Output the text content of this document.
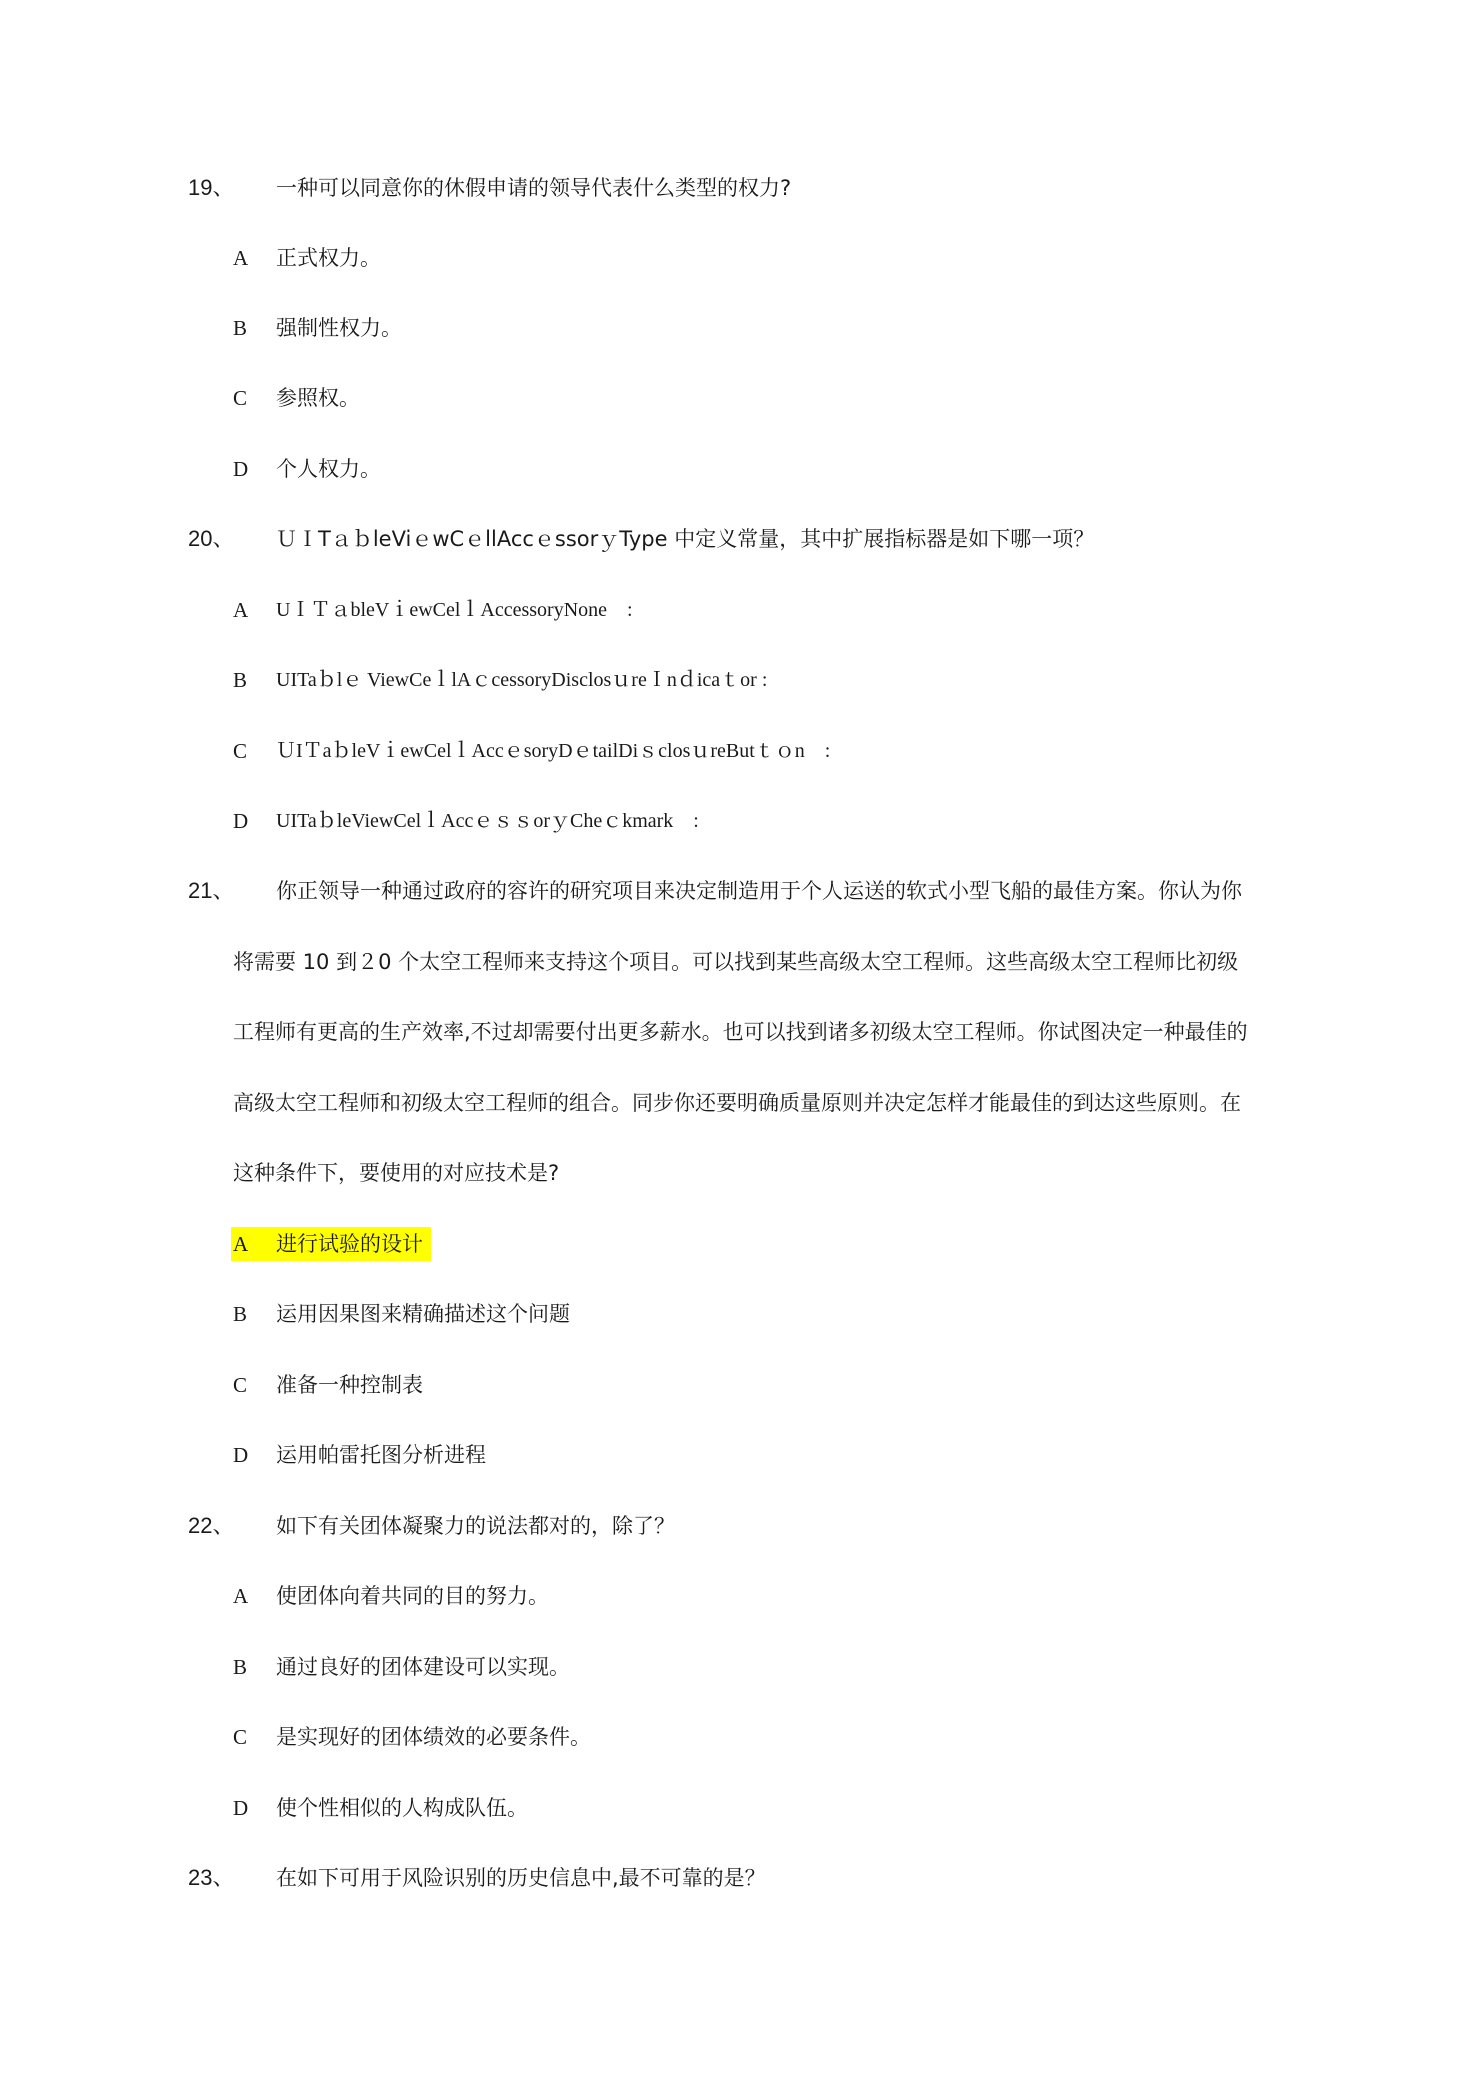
19、	一种可以同意你的休假申请的领导代表什么类型的权力?
A	正式权力。
B	强制性权力。
C	参照权。
D	个人权力。
20、	ＵＩTａｂleViｅwCｅllAccｅssorｙType 中定义常量，其中扩展指标器是如下哪一项？
A	UＩＴａbleVｉewCelｌAccessoryNone　:
B	UITaｂlｅ ViewCeｌlAｃcessoryDisclosｕreＩnｄicaｔor :
C	ＵIＴaｂleVｉewCelｌAccｅsoryDｅtailDiｓclosｕreButｔｏn　:
D	UITaｂleViewCelｌAccｅｓｓorｙCheｃkmark　:
21、	你正领导一种通过政府的容许的研究项目来决定制造用于个人运送的软式小型飞船的最佳方案。你认为你
将需要 10 到２0 个太空工程师来支持这个项目。可以找到某些高级太空工程师。这些高级太空工程师比初级
工程师有更高的生产效率,不过却需要付出更多薪水。也可以找到诸多初级太空工程师。你试图决定一种最佳的
高级太空工程师和初级太空工程师的组合。同步你还要明确质量原则并决定怎样才能最佳的到达这些原则。在
这种条件下，要使用的对应技术是?
A	进行试验的设计
B	运用因果图来精确描述这个问题
C	准备一种控制表
D	运用帕雷托图分析进程
22、	如下有关团体凝聚力的说法都对的，除了？
A	使团体向着共同的目的努力。
B	通过良好的团体建设可以实现。
C	是实现好的团体绩效的必要条件。
D	使个性相似的人构成队伍。
23、	在如下可用于风险识别的历史信息中,最不可靠的是？
